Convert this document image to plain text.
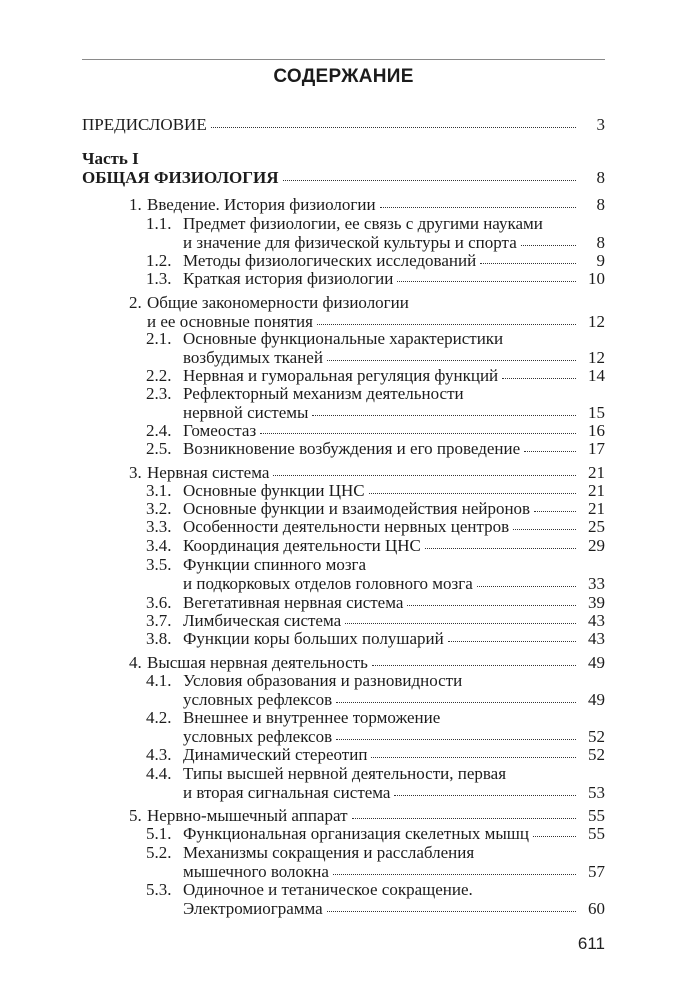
СОДЕРЖАНИЕ
ПРЕДИСЛОВИЕ	3
Часть I
ОБЩАЯ ФИЗИОЛОГИЯ	8
1. Введение. История физиологии	8
1.1. Предмет физиологии, ее связь с другими науками
и значение для физической культуры и спорта	8
1.2. Методы физиологических исследований	9
1.3. Краткая история физиологии	10
2. Общие закономерности физиологии
и ее основные понятия	12
2.1. Основные функциональные характеристики
возбудимых тканей	12
2.2. Нервная и гуморальная регуляция функций	14
2.3. Рефлекторный механизм деятельности
нервной системы	15
2.4. Гомеостаз	16
2.5. Возникновение возбуждения и его проведение	17
3. Нервная система	21
3.1. Основные функции ЦНС	21
3.2. Основные функции и взаимодействия нейронов	21
3.3. Особенности деятельности нервных центров	25
3.4. Координация деятельности ЦНС	29
3.5. Функции спинного мозга
и подкорковых отделов головного мозга	33
3.6. Вегетативная нервная система	39
3.7. Лимбическая система	43
3.8. Функции коры больших полушарий	43
4. Высшая нервная деятельность	49
4.1. Условия образования и разновидности
условных рефлексов	49
4.2. Внешнее и внутреннее торможение
условных рефлексов	52
4.3. Динамический стереотип	52
4.4. Типы высшей нервной деятельности, первая
и вторая сигнальная система	53
5. Нервно-мышечный аппарат	55
5.1. Функциональная организация скелетных мышц	55
5.2. Механизмы сокращения и расслабления
мышечного волокна	57
5.3. Одиночное и тетаническое сокращение.
Электромиограмма	60
611
